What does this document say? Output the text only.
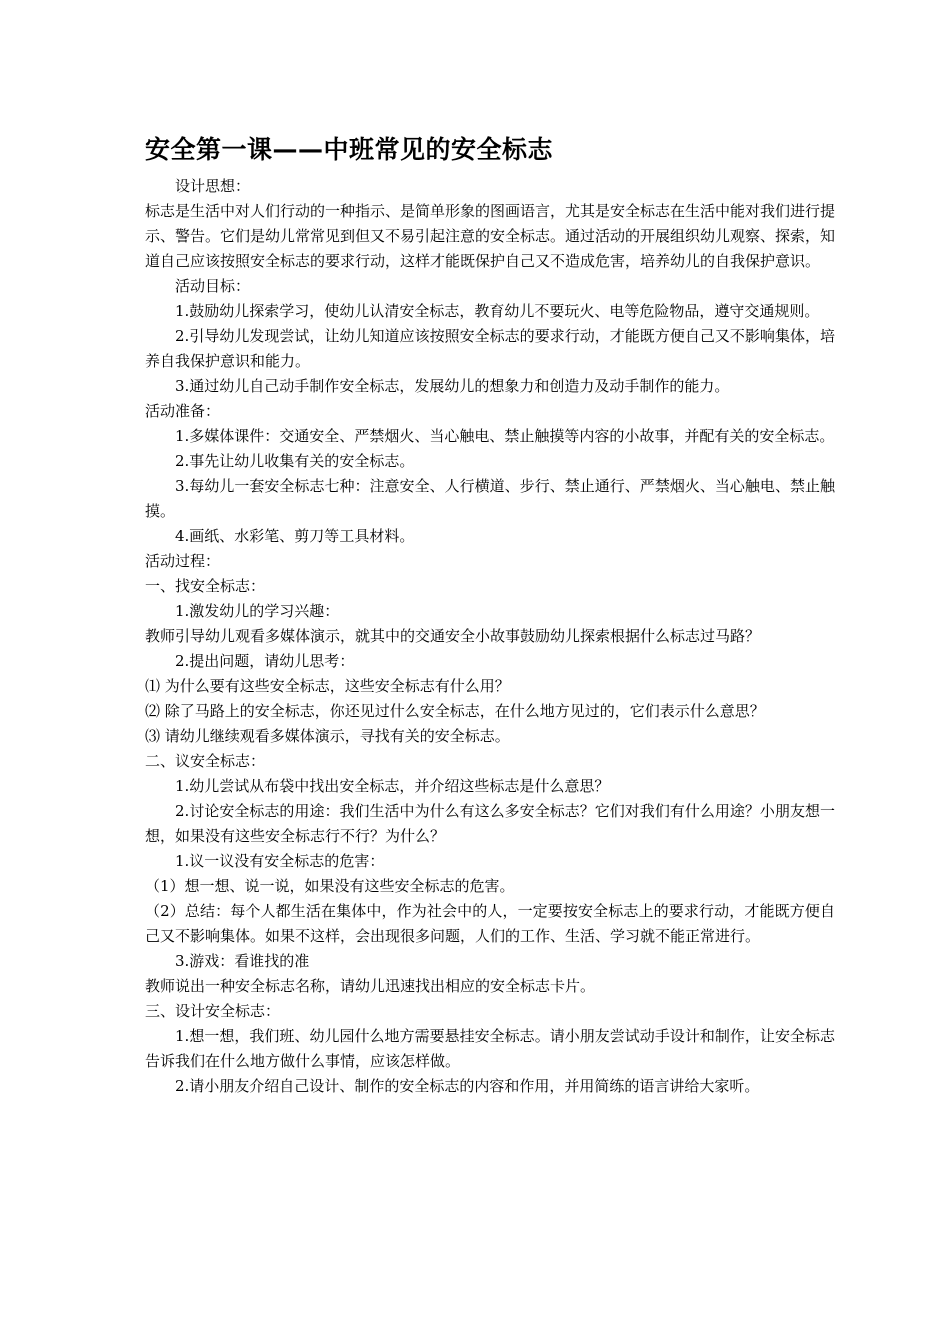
安全第一课——中班常见的安全标志

设计思想：

标志是生活中对人们行动的一种指示、是简单形象的图画语言，尤其是安全标志在生活中能对我们进行提示、警告。它们是幼儿常常见到但又不易引起注意的安全标志。通过活动的开展组织幼儿观察、探索，知道自己应该按照安全标志的要求行动，这样才能既保护自己又不造成危害，培养幼儿的自我保护意识。

活动目标：

1.鼓励幼儿探索学习，使幼儿认清安全标志，教育幼儿不要玩火、电等危险物品，遵守交通规则。

2.引导幼儿发现尝试，让幼儿知道应该按照安全标志的要求行动，才能既方便自己又不影响集体，培养自我保护意识和能力。

3.通过幼儿自己动手制作安全标志，发展幼儿的想象力和创造力及动手制作的能力。

活动准备：

1.多媒体课件：交通安全、严禁烟火、当心触电、禁止触摸等内容的小故事，并配有关的安全标志。

2.事先让幼儿收集有关的安全标志。

3.每幼儿一套安全标志七种：注意安全、人行横道、步行、禁止通行、严禁烟火、当心触电、禁止触摸。

4.画纸、水彩笔、剪刀等工具材料。

活动过程：

一、找安全标志：

1.激发幼儿的学习兴趣：

教师引导幼儿观看多媒体演示，就其中的交通安全小故事鼓励幼儿探索根据什么标志过马路？

2.提出问题，请幼儿思考：

⑴ 为什么要有这些安全标志，这些安全标志有什么用？

⑵ 除了马路上的安全标志，你还见过什么安全标志，在什么地方见过的，它们表示什么意思？

⑶ 请幼儿继续观看多媒体演示，寻找有关的安全标志。

二、议安全标志：

1.幼儿尝试从布袋中找出安全标志，并介绍这些标志是什么意思？

2.讨论安全标志的用途：我们生活中为什么有这么多安全标志？它们对我们有什么用途？小朋友想一想，如果没有这些安全标志行不行？为什么？

1.议一议没有安全标志的危害：

（1）想一想、说一说，如果没有这些安全标志的危害。

（2）总结：每个人都生活在集体中，作为社会中的人，一定要按安全标志上的要求行动，才能既方便自己又不影响集体。如果不这样，会出现很多问题，人们的工作、生活、学习就不能正常进行。

3.游戏：看谁找的准

教师说出一种安全标志名称，请幼儿迅速找出相应的安全标志卡片。

三、设计安全标志：

1.想一想，我们班、幼儿园什么地方需要悬挂安全标志。请小朋友尝试动手设计和制作，让安全标志告诉我们在什么地方做什么事情，应该怎样做。

2.请小朋友介绍自己设计、制作的安全标志的内容和作用，并用简练的语言讲给大家听。
